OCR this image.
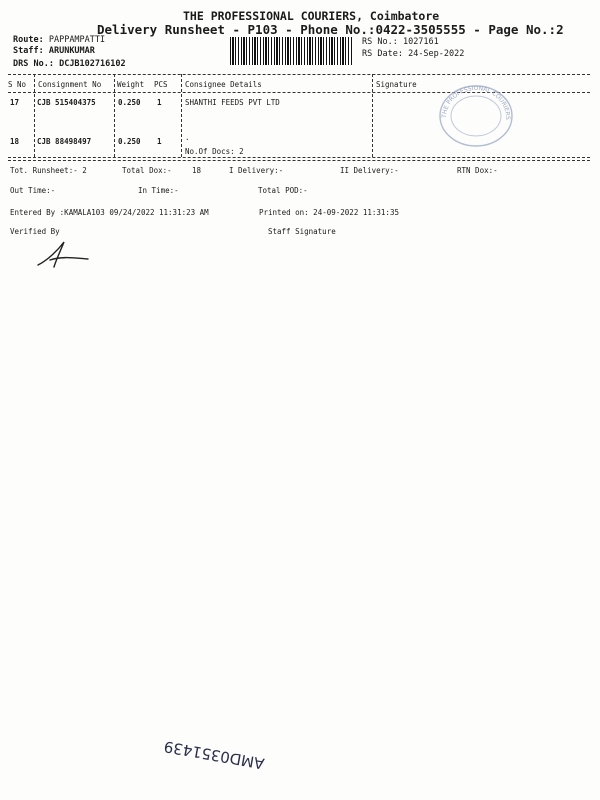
THE PROFESSIONAL COURIERS, Coimbatore
Delivery Runsheet - P103 - Phone No.:0422-3505555 - Page No.:2
Route: PAPPAMPATTI
Staff: ARUNKUMAR
DRS No.: DCJB102716102
RS No.: 1027161
RS Date: 24-Sep-2022
S No Consignment No Weight PCS Consignee Details	Signature
17 CJB 515404375	0.250 1	SHANTHI FEEDS PVT LTD
18 CJB 88498497	0.250 1	.
No.Of Docs: 2
THE PROFESSIONAL COURIERS
Tot. Runsheet:- 2	Total Dox:-	18	I Delivery:-	II Delivery:-	RTN Dox:-
Out Time:-	In Time:-	Total POD:-
Entered By :KAMALA103 09/24/2022 11:31:23 AM	Printed on: 24-09-2022 11:31:35
Verified By	Staff Signature
AMD0351439
